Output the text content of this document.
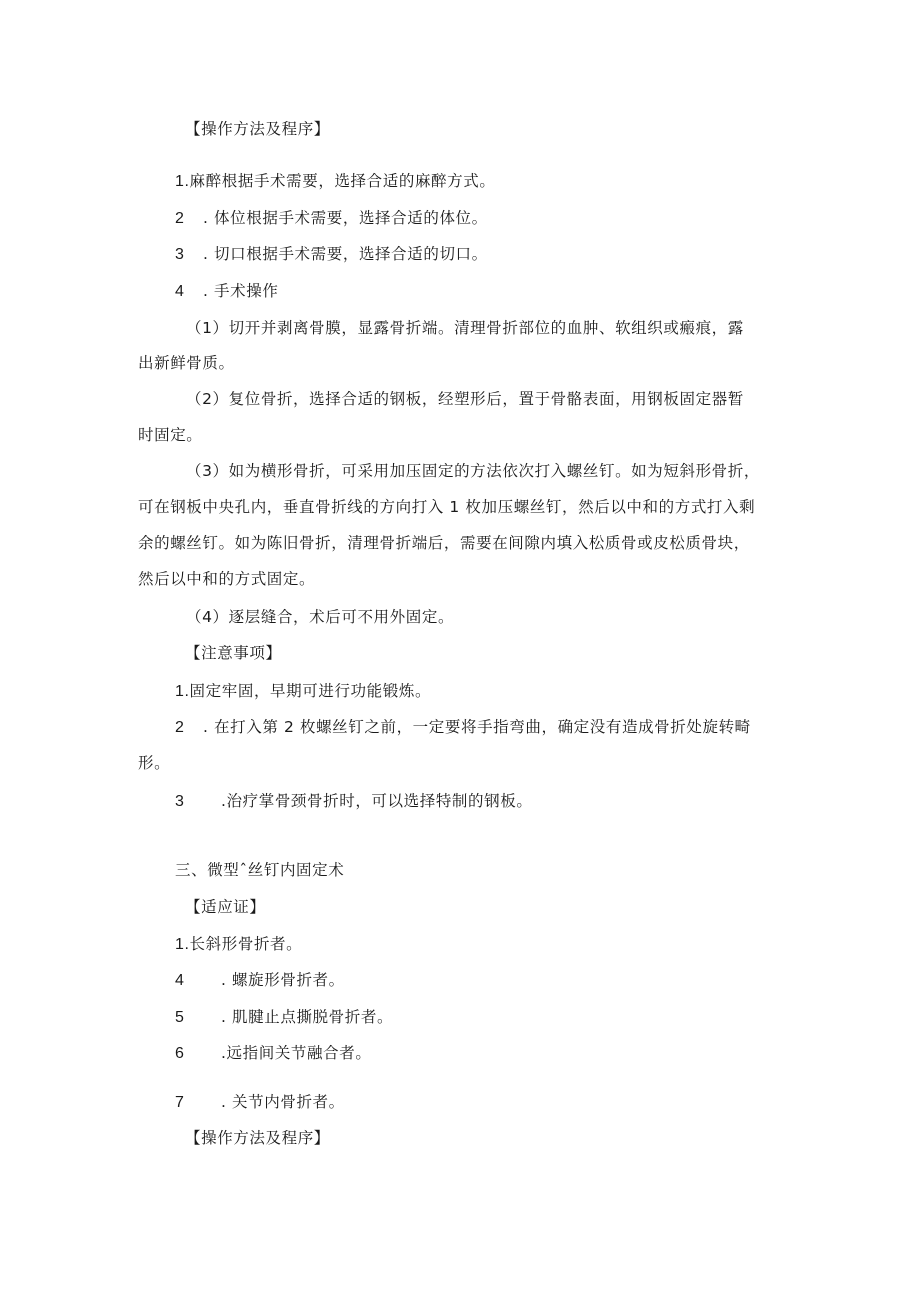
【操作方法及程序】
1.麻醉根据手术需要，选择合适的麻醉方式。
2 . 体位根据手术需要，选择合适的体位。
3 . 切口根据手术需要，选择合适的切口。
4 . 手术操作
（1）切开并剥离骨膜，显露骨折端。清理骨折部位的血肿、软组织或瘢痕，露
出新鲜骨质。
（2）复位骨折，选择合适的钢板，经塑形后，置于骨骼表面，用钢板固定器暂
时固定。
（3）如为横形骨折，可采用加压固定的方法依次打入螺丝钉。如为短斜形骨折，
可在钢板中央孔内，垂直骨折线的方向打入 1 枚加压螺丝钉，然后以中和的方式打入剩
余的螺丝钉。如为陈旧骨折，清理骨折端后，需要在间隙内填入松质骨或皮松质骨块，
然后以中和的方式固定。
（4）逐层缝合，术后可不用外固定。
【注意事项】
1.固定牢固，早期可进行功能锻炼。
2 . 在打入第 2 枚螺丝钉之前，一定要将手指弯曲，确定没有造成骨折处旋转畸
形。
3 .治疗掌骨颈骨折时，可以选择特制的钢板。
三、微型ˆ丝钉内固定术
【适应证】
1.长斜形骨折者。
4 . 螺旋形骨折者。
5 . 肌腱止点撕脱骨折者。
6 .远指间关节融合者。
7 . 关节内骨折者。
【操作方法及程序】
